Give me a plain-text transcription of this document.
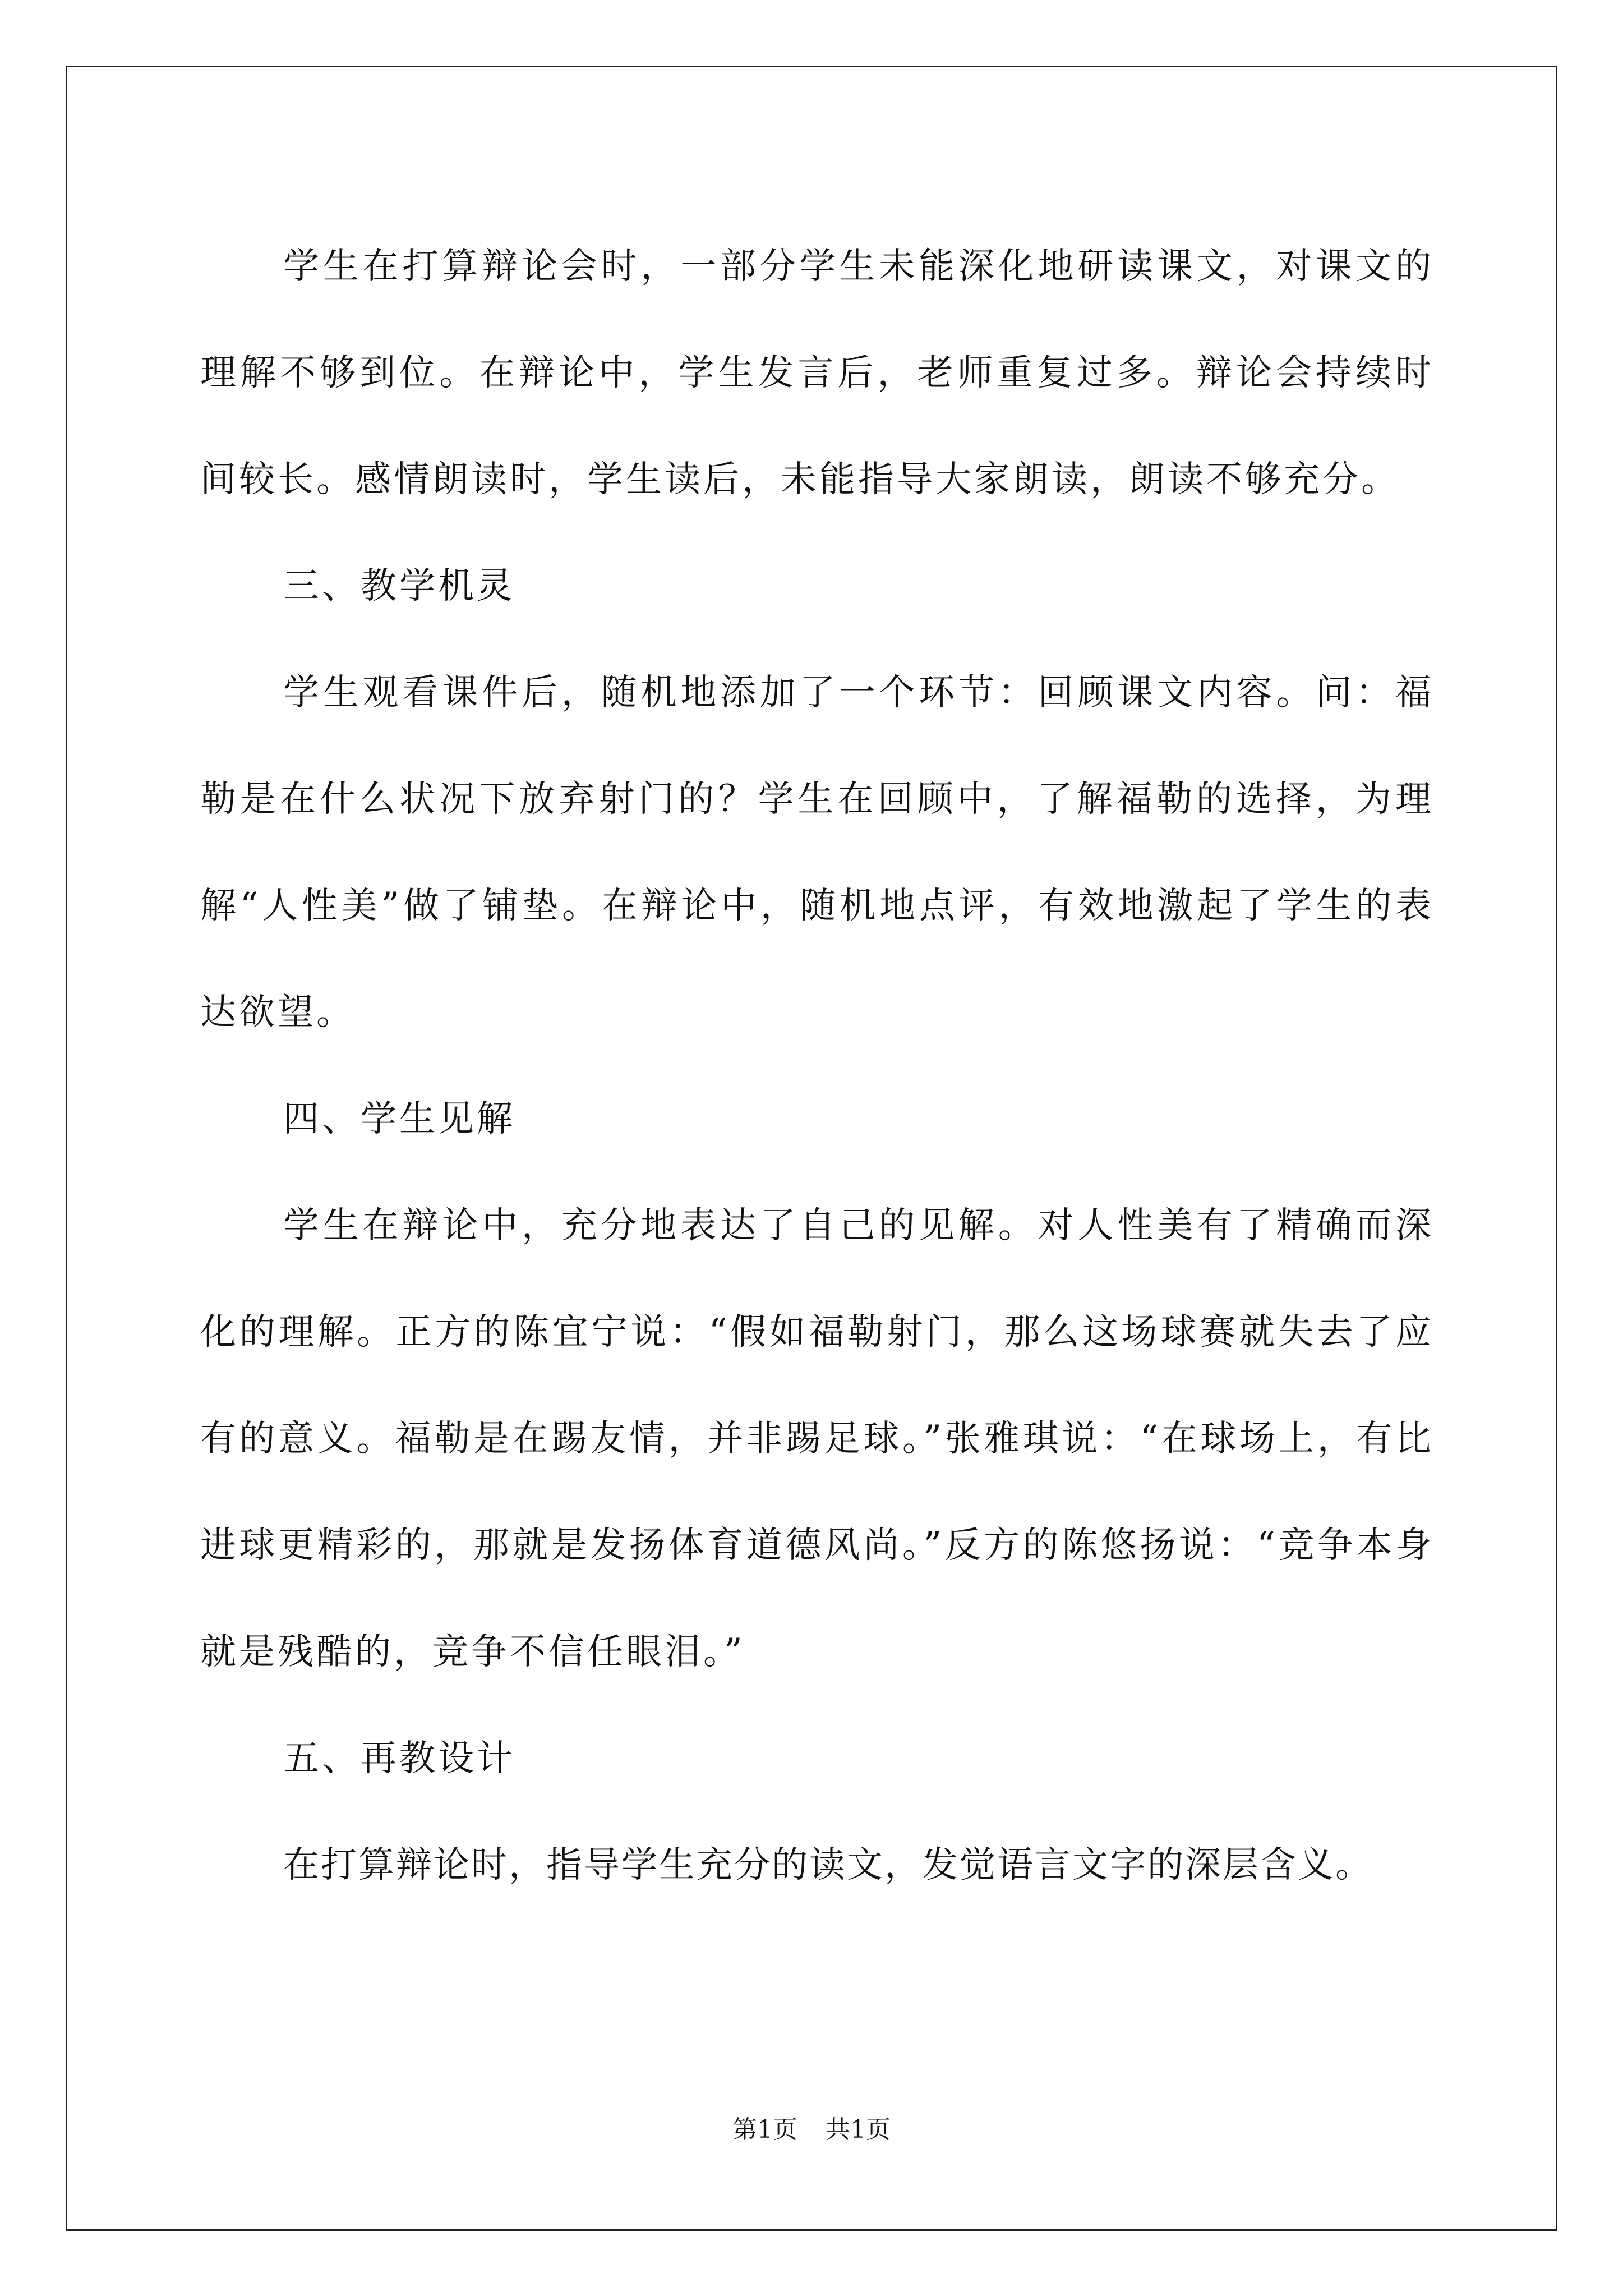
学生在打算辩论会时，一部分学生未能深化地研读课文，对课文的理解不够到位。在辩论中，学生发言后，老师重复过多。辩论会持续时间较长。感情朗读时，学生读后，未能指导大家朗读，朗读不够充分。

三、教学机灵

学生观看课件后，随机地添加了一个环节：回顾课文内容。问：福勒是在什么状况下放弃射门的？学生在回顾中，了解福勒的选择，为理解“人性美”做了铺垫。在辩论中，随机地点评，有效地激起了学生的表达欲望。

四、学生见解

学生在辩论中，充分地表达了自己的见解。对人性美有了精确而深化的理解。正方的陈宜宁说：“假如福勒射门，那么这场球赛就失去了应有的意义。福勒是在踢友情，并非踢足球。”张雅琪说：“在球场上，有比进球更精彩的，那就是发扬体育道德风尚。”反方的陈悠扬说：“竞争本身就是残酷的，竞争不信任眼泪。”

五、再教设计

在打算辩论时，指导学生充分的读文，发觉语言文字的深层含义。

第1页 共1页
